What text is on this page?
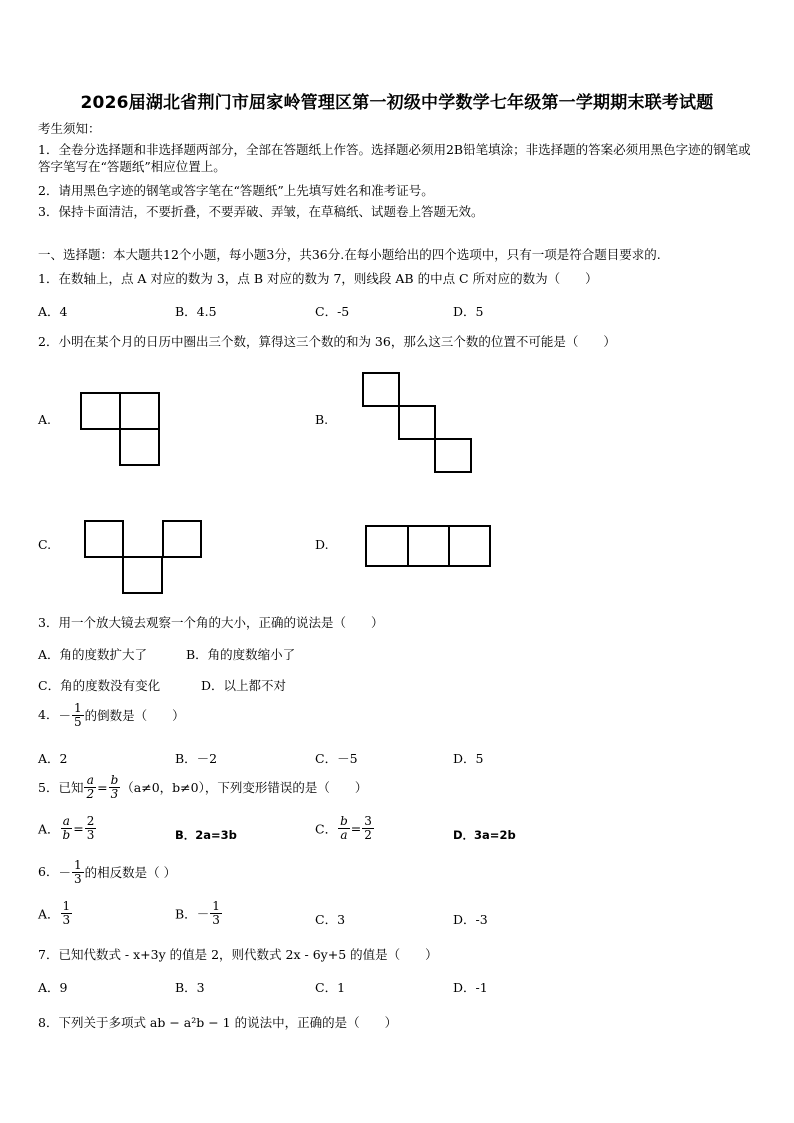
2026届湖北省荆门市屈家岭管理区第一初级中学数学七年级第一学期期末联考试题
考生须知：
1．全卷分选择题和非选择题两部分，全部在答题纸上作答。选择题必须用2B铅笔填涂；非选择题的答案必须用黑色字迹的钢笔或答字笔写在“答题纸”相应位置上。
2．请用黑色字迹的钢笔或答字笔在“答题纸”上先填写姓名和准考证号。
3．保持卡面清洁，不要折叠，不要弄破、弄皱，在草稿纸、试题卷上答题无效。
一、选择题：本大题共12个小题，每小题3分，共36分.在每小题给出的四个选项中，只有一项是符合题目要求的.
1．在数轴上，点 A 对应的数为 3，点 B 对应的数为 7，则线段 AB 的中点 C 所对应的数为（　　）
A．4	B．4.5	C．-5	D．5
2．小明在某个月的日历中圈出三个数，算得这三个数的和为 36，那么这三个数的位置不可能是（　　）
A.	B.
C.	D.
3．用一个放大镜去观察一个角的大小，正确的说法是（　　）
A．角的度数扩大了	B．角的度数缩小了
C．角的度数没有变化	D．以上都不对
4．－ $\frac{1}{5}$ 的倒数是（　　）
A．2	B．－2	C．－5	D．5
5．已知 $\frac{a}{2} = \frac{b}{3} (a\ne 0$，b≠0），下列变形错误的是（　　）
A． $\frac{a}{b} = \frac{2}{3}$	B．2a=3b	C． $\frac{b}{a} = \frac{3}{2}$	D．3a=2b
6．－ $\frac{1}{3}$ 的相反数是（ ）
A． $\frac{1}{3}$	B．－ $\frac{1}{3}$	C．3	D．-3
7．已知代数式 - x+3y 的值是 2，则代数式 2x - 6y+5 的值是（　　）
A．9	B．3	C．1	D．-1
8．下列关于多项式 ab − a²b − 1 的说法中，正确的是（　　）
